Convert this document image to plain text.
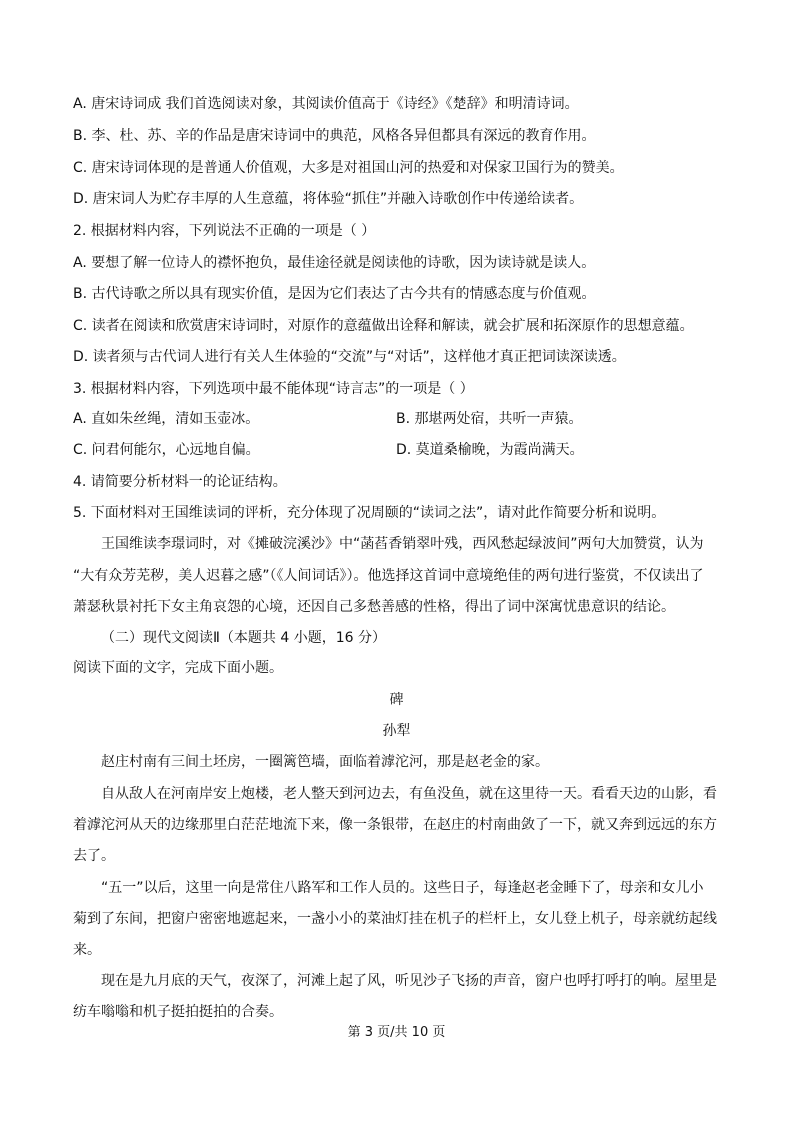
A. 唐宋诗词成 我们首选阅读对象，其阅读价值高于《诗经》《楚辞》和明清诗词。
B. 李、杜、苏、辛的作品是唐宋诗词中的典范，风格各异但都具有深远的教育作用。
C. 唐宋诗词体现的是普通人价值观，大多是对祖国山河的热爱和对保家卫国行为的赞美。
D. 唐宋词人为贮存丰厚的人生意蕴，将体验“抓住”并融入诗歌创作中传递给读者。
2. 根据材料内容，下列说法不正确的一项是（ ）
A. 要想了解一位诗人的襟怀抱负，最佳途径就是阅读他的诗歌，因为读诗就是读人。
B. 古代诗歌之所以具有现实价值，是因为它们表达了古今共有的情感态度与价值观。
C. 读者在阅读和欣赏唐宋诗词时，对原作的意蕴做出诠释和解读，就会扩展和拓深原作的思想意蕴。
D. 读者须与古代词人进行有关人生体验的“交流”与“对话”，这样他才真正把词读深读透。
3. 根据材料内容，下列选项中最不能体现“诗言志”的一项是（ ）
A. 直如朱丝绳，清如玉壶冰。	B. 那堪两处宿，共听一声猿。
C. 问君何能尔，心远地自偏。	D. 莫道桑榆晚，为霞尚满天。
4. 请简要分析材料一的论证结构。
5. 下面材料对王国维读词的评析，充分体现了况周颐的“读词之法”，请对此作简要分析和说明。
王国维读李璟词时，对《摊破浣溪沙》中“菡萏香销翠叶残，西风愁起绿波间”两句大加赞赏，认为
“大有众芳芜秽，美人迟暮之感”（《人间词话》）。他选择这首词中意境绝佳的两句进行鉴赏，不仅读出了
萧瑟秋景衬托下女主角哀怨的心境，还因自己多愁善感的性格，得出了词中深寓忧患意识的结论。
（二）现代文阅读Ⅱ（本题共 4 小题，16 分）
阅读下面的文字，完成下面小题。
碑
孙犁
赵庄村南有三间土坯房，一圈篱笆墙，面临着滹沱河，那是赵老金的家。
自从敌人在河南岸安上炮楼，老人整天到河边去，有鱼没鱼，就在这里待一天。看看天边的山影，看
着滹沱河从天的边缘那里白茫茫地流下来，像一条银带，在赵庄的村南曲敛了一下，就又奔到远远的东方
去了。
“五一”以后，这里一向是常住八路军和工作人员的。这些日子，每逢赵老金睡下了，母亲和女儿小
菊到了东间，把窗户密密地遮起来，一盏小小的菜油灯挂在机子的栏杆上，女儿登上机子，母亲就纺起线
来。
现在是九月底的天气，夜深了，河滩上起了风，听见沙子飞扬的声音，窗户也呼打呼打的响。屋里是
纺车嗡嗡和机子挺拍挺拍的合奏。
第 3 页/共 10 页
